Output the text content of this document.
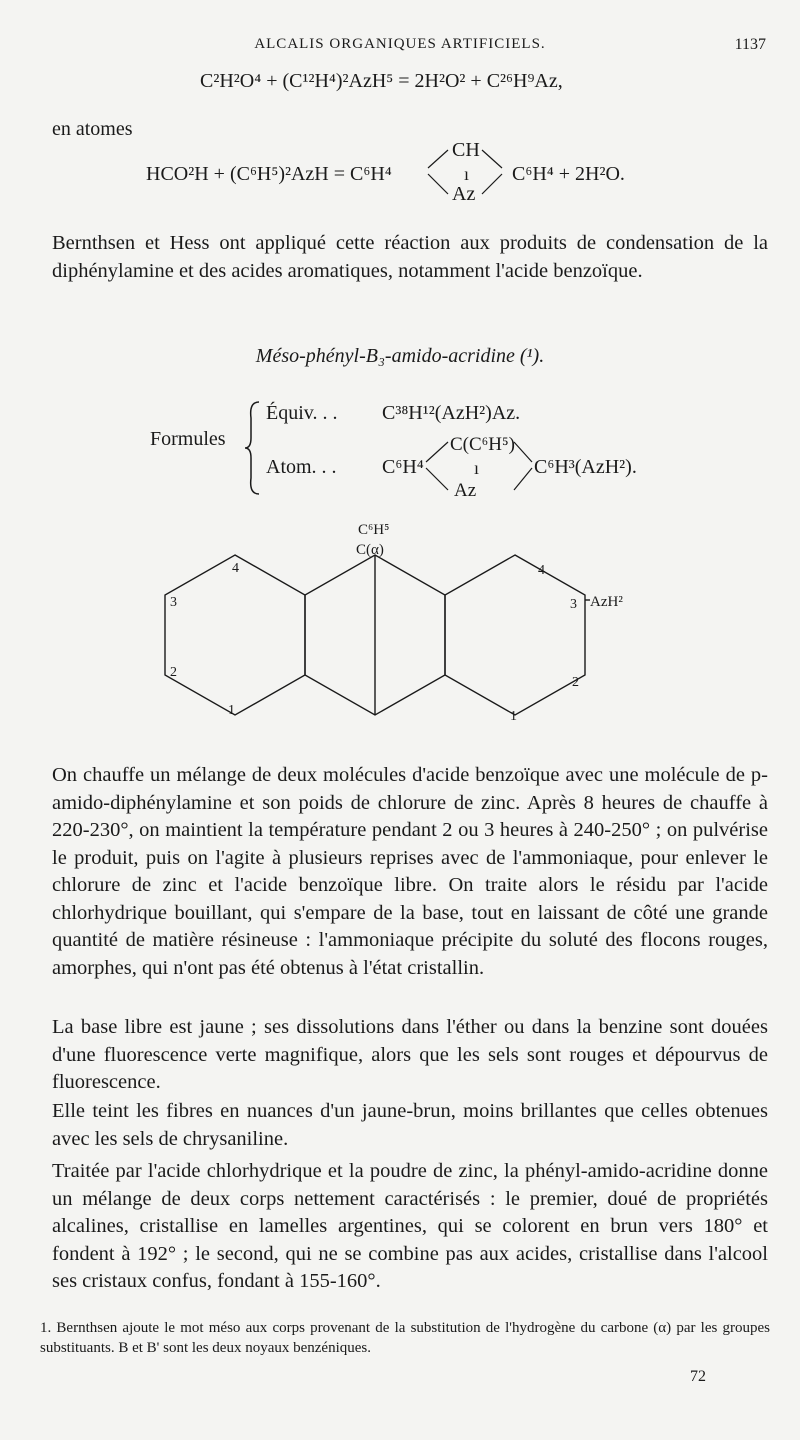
ALCALIS ORGANIQUES ARTIFICIELS.	1137
C²H²O⁴ + (C¹²H⁴)²AzH⁵ = 2H²O² + C²⁶H⁹Az,
en atomes
HCO²H + (C⁶H⁵)²AzH = C⁶H⁴
CH
ı
Az
C⁶H⁴ + 2H²O.
Bernthsen et Hess ont appliqué cette réaction aux produits de condensation de la diphénylamine et des acides aromatiques, notamment l'acide benzoïque.
Méso-phényl-B₃-amido-acridine (¹).
Formules
Équiv. . . C³⁸H¹²(AzH²)Az.
Atom. . . C⁶H⁴
C(C⁶H⁵)
ı
Az
C⁶H³(AzH²).
C⁶H⁵
C(α)
4
3
2
1
4
3
2
1
AzH²
On chauffe un mélange de deux molécules d'acide benzoïque avec une molécule de p-amido-diphénylamine et son poids de chlorure de zinc. Après 8 heures de chauffe à 220-230°, on maintient la température pendant 2 ou 3 heures à 240-250° ; on pulvérise le produit, puis on l'agite à plusieurs reprises avec de l'ammoniaque, pour enlever le chlorure de zinc et l'acide benzoïque libre. On traite alors le résidu par l'acide chlorhydrique bouillant, qui s'empare de la base, tout en laissant de côté une grande quantité de matière résineuse : l'ammoniaque précipite du soluté des flocons rouges, amorphes, qui n'ont pas été obtenus à l'état cristallin.
La base libre est jaune ; ses dissolutions dans l'éther ou dans la benzine sont douées d'une fluorescence verte magnifique, alors que les sels sont rouges et dépourvus de fluorescence.
Elle teint les fibres en nuances d'un jaune-brun, moins brillantes que celles obtenues avec les sels de chrysaniline.
Traitée par l'acide chlorhydrique et la poudre de zinc, la phényl-amido-acridine donne un mélange de deux corps nettement caractérisés : le premier, doué de propriétés alcalines, cristallise en lamelles argentines, qui se colorent en brun vers 180° et fondent à 192° ; le second, qui ne se combine pas aux acides, cristallise dans l'alcool ses cristaux confus, fondant à 155-160°.
1. Bernthsen ajoute le mot méso aux corps provenant de la substitution de l'hydrogène du carbone (α) par les groupes substituants. B et B' sont les deux noyaux benzéniques.
72
